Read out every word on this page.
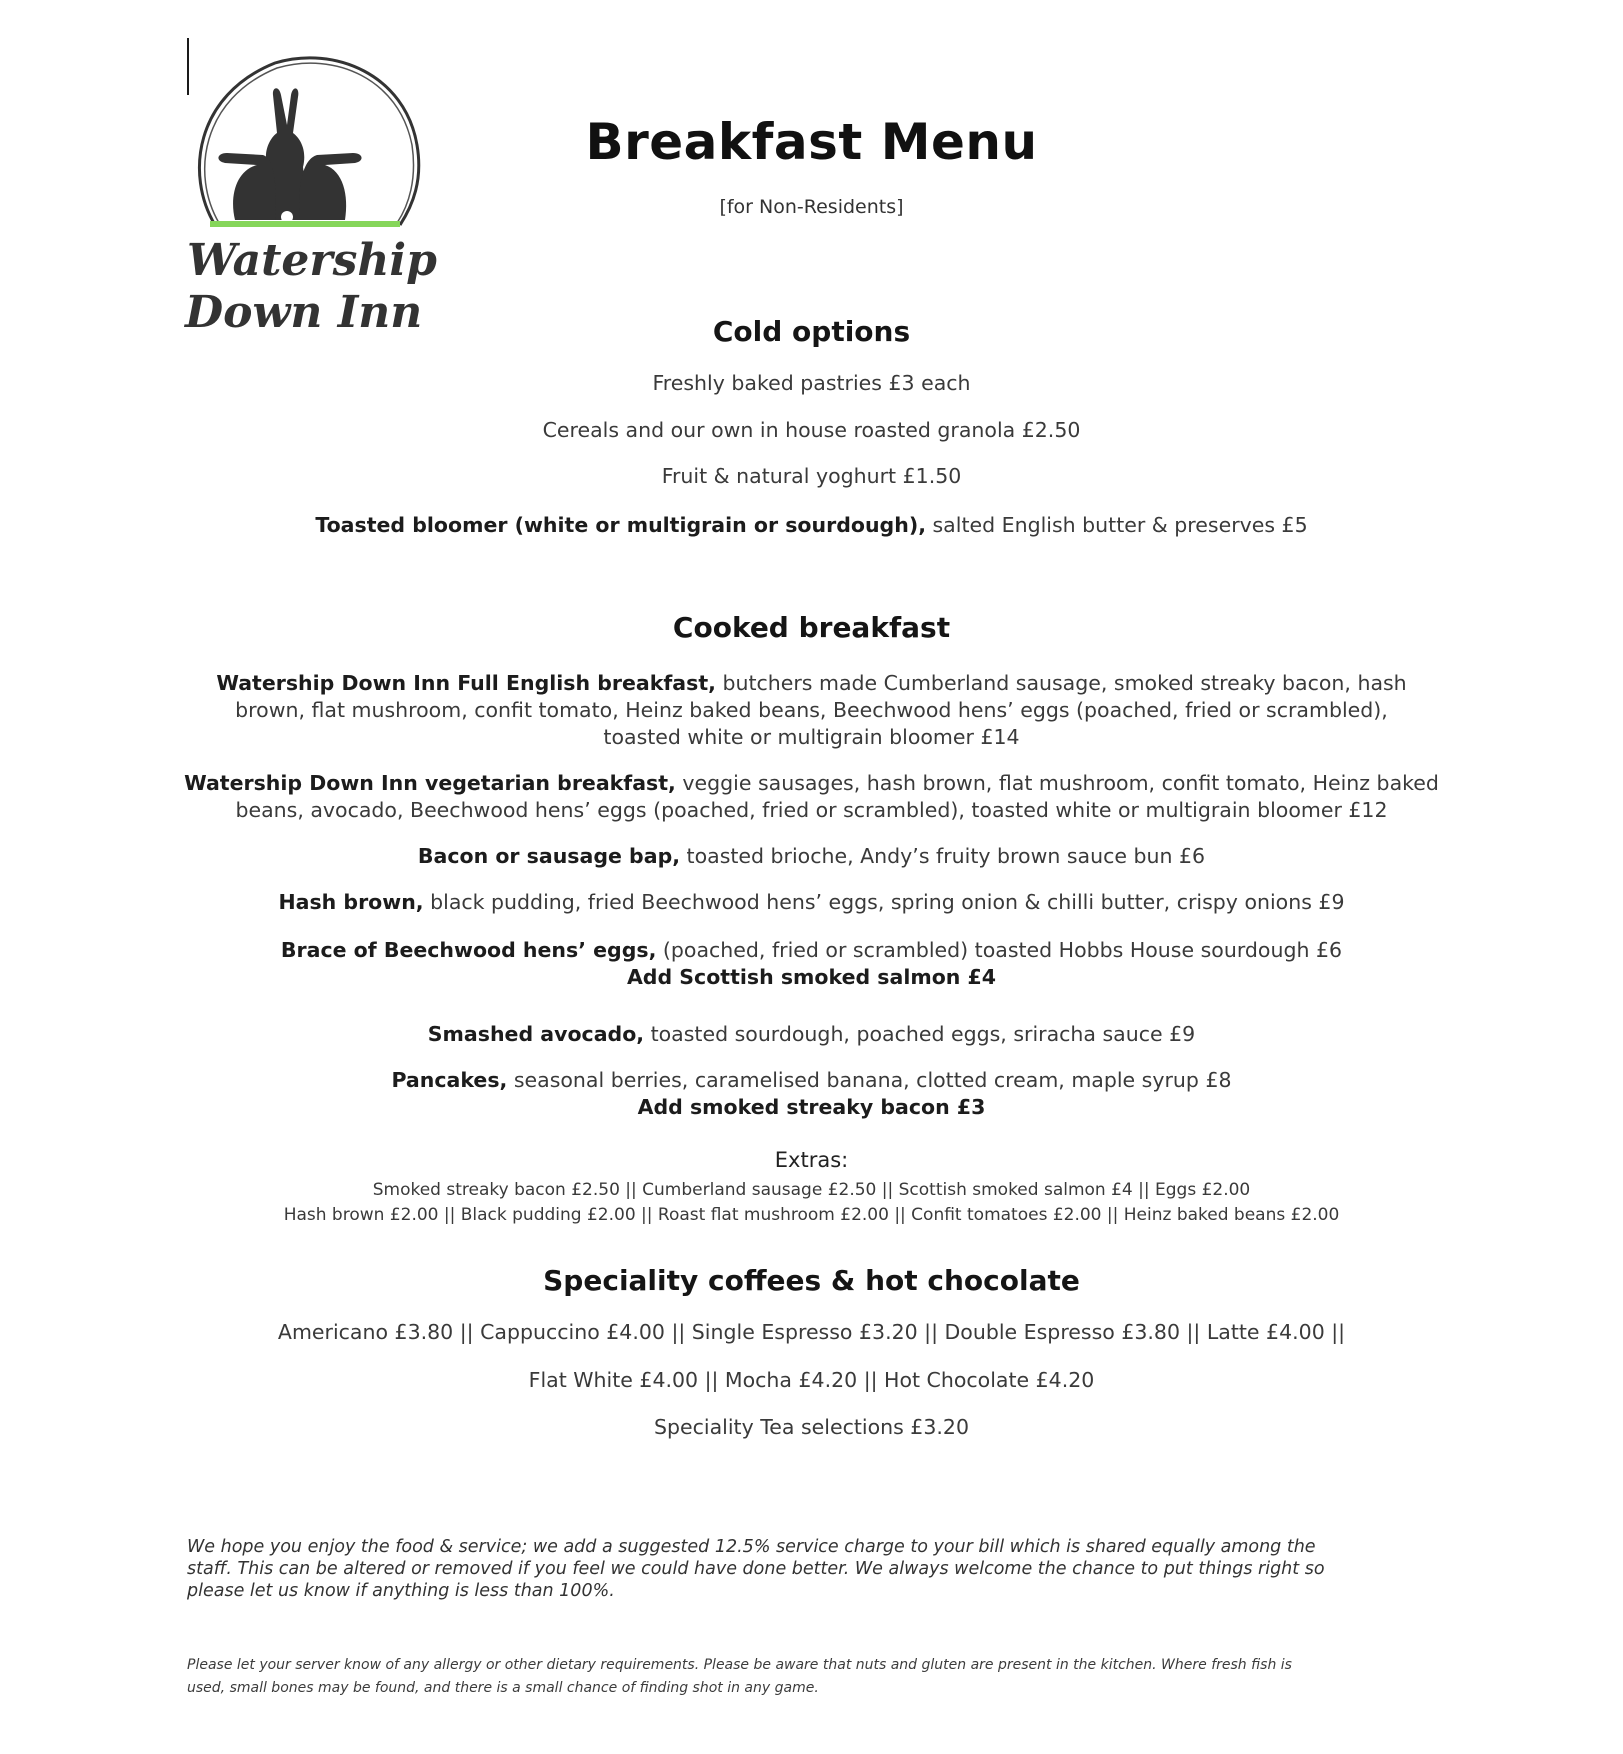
Watership
Down Inn
Breakfast Menu
[for Non-Residents]
Cold options
Freshly baked pastries £3 each
Cereals and our own in house roasted granola £2.50
Fruit & natural yoghurt £1.50
Toasted bloomer (white or multigrain or sourdough), salted English butter & preserves £5
Cooked breakfast
Watership Down Inn Full English breakfast, butchers made Cumberland sausage, smoked streaky bacon, hash
brown, flat mushroom, confit tomato, Heinz baked beans, Beechwood hens’ eggs (poached, fried or scrambled),
toasted white or multigrain bloomer £14
Watership Down Inn vegetarian breakfast, veggie sausages, hash brown, flat mushroom, confit tomato, Heinz baked
beans, avocado, Beechwood hens’ eggs (poached, fried or scrambled), toasted white or multigrain bloomer £12
Bacon or sausage bap, toasted brioche, Andy’s fruity brown sauce bun £6
Hash brown, black pudding, fried Beechwood hens’ eggs, spring onion & chilli butter, crispy onions £9
Brace of Beechwood hens’ eggs, (poached, fried or scrambled) toasted Hobbs House sourdough £6
Add Scottish smoked salmon £4
Smashed avocado, toasted sourdough, poached eggs, sriracha sauce £9
Pancakes, seasonal berries, caramelised banana, clotted cream, maple syrup £8
Add smoked streaky bacon £3
Extras:
Smoked streaky bacon £2.50 || Cumberland sausage £2.50 || Scottish smoked salmon £4 || Eggs £2.00
Hash brown £2.00 || Black pudding £2.00 || Roast flat mushroom £2.00 || Confit tomatoes £2.00 || Heinz baked beans £2.00
Speciality coffees & hot chocolate
Americano £3.80 || Cappuccino £4.00 || Single Espresso £3.20 || Double Espresso £3.80 || Latte £4.00 ||
Flat White £4.00 || Mocha £4.20 || Hot Chocolate £4.20
Speciality Tea selections £3.20
We hope you enjoy the food & service; we add a suggested 12.5% service charge to your bill which is shared equally among the
staff. This can be altered or removed if you feel we could have done better. We always welcome the chance to put things right so
please let us know if anything is less than 100%.
Please let your server know of any allergy or other dietary requirements. Please be aware that nuts and gluten are present in the kitchen. Where fresh fish is
used, small bones may be found, and there is a small chance of finding shot in any game.
